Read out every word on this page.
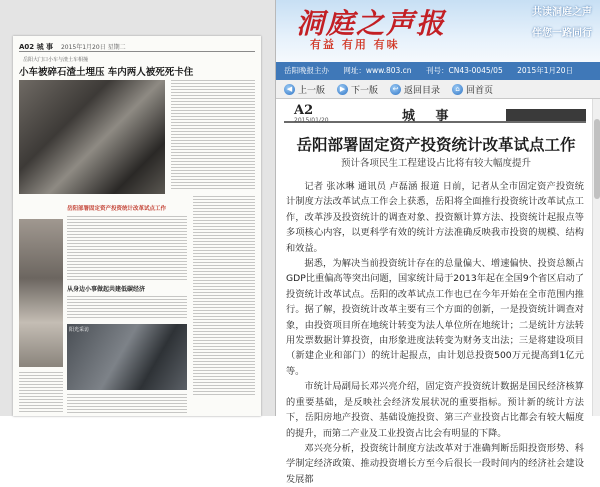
A02 城 事 2015年1月20日 星期二
岳阳大门口小车与渣土车相撞
小车被碎石渣土埋压 车内两人被死死卡住
岳阳部署固定资产投资统计改革试点工作
从身边小事做起共建低碳经济
阳光采访
洞庭之声报
有益 有用 有味
共读洞庭之声
伴您一路同行
岳阳晚报主办 网址：www.803.cn 刊号：CN43-0045/05 2015年1月20日
◀ 上一版	▶ 下一版	↩ 返回目录	⌂ 回首页
A2
2015/01/20	城 事
岳阳部署固定资产投资统计改革试点工作
预计各项民生工程建设占比将有较大幅度提升

记者 张冰琳 通讯员 卢磊涵 报道 日前，记者从全市固定资产投资统计制度方法改革试点工作会上获悉，岳阳将全面推行投资统计改革试点工作，改革涉及投资统计的调查对象、投资额计算方法、投资统计起报点等多项核心内容，以更科学有效的统计方法准确反映我市投资的规模、结构和效益。

据悉，为解决当前投资统计存在的总量偏大、增速偏快、投资总额占GDP比重偏高等突出问题，国家统计局于2013年起在全国9个省区启动了投资统计改革试点。岳阳的改革试点工作也已在今年开始在全市范围内推行。据了解，投资统计改革主要有三个方面的创新，一是投资统计调查对象，由投资项目所在地统计转变为法人单位所在地统计；二是统计方法转用发票数据计算投资，由形象进度法转变为财务支出法；三是将建设项目（新建企业和部门）的统计起报点，由计划总投资500万元提高到1亿元等。

市统计局副局长邓兴亮介绍，固定资产投资统计数据是国民经济核算的重要基础，是反映社会经济发展状况的重要指标。预计新的统计方法下，岳阳房地产投资、基础设施投资、第三产业投资占比都会有较大幅度的提升，而第二产业及工业投资占比会有明显的下降。

邓兴亮分析，投资统计制度方法改革对于准确判断岳阳投资形势、科学制定经济政策、推动投资增长方至今后很长一段时间内的经济社会建设发展都
